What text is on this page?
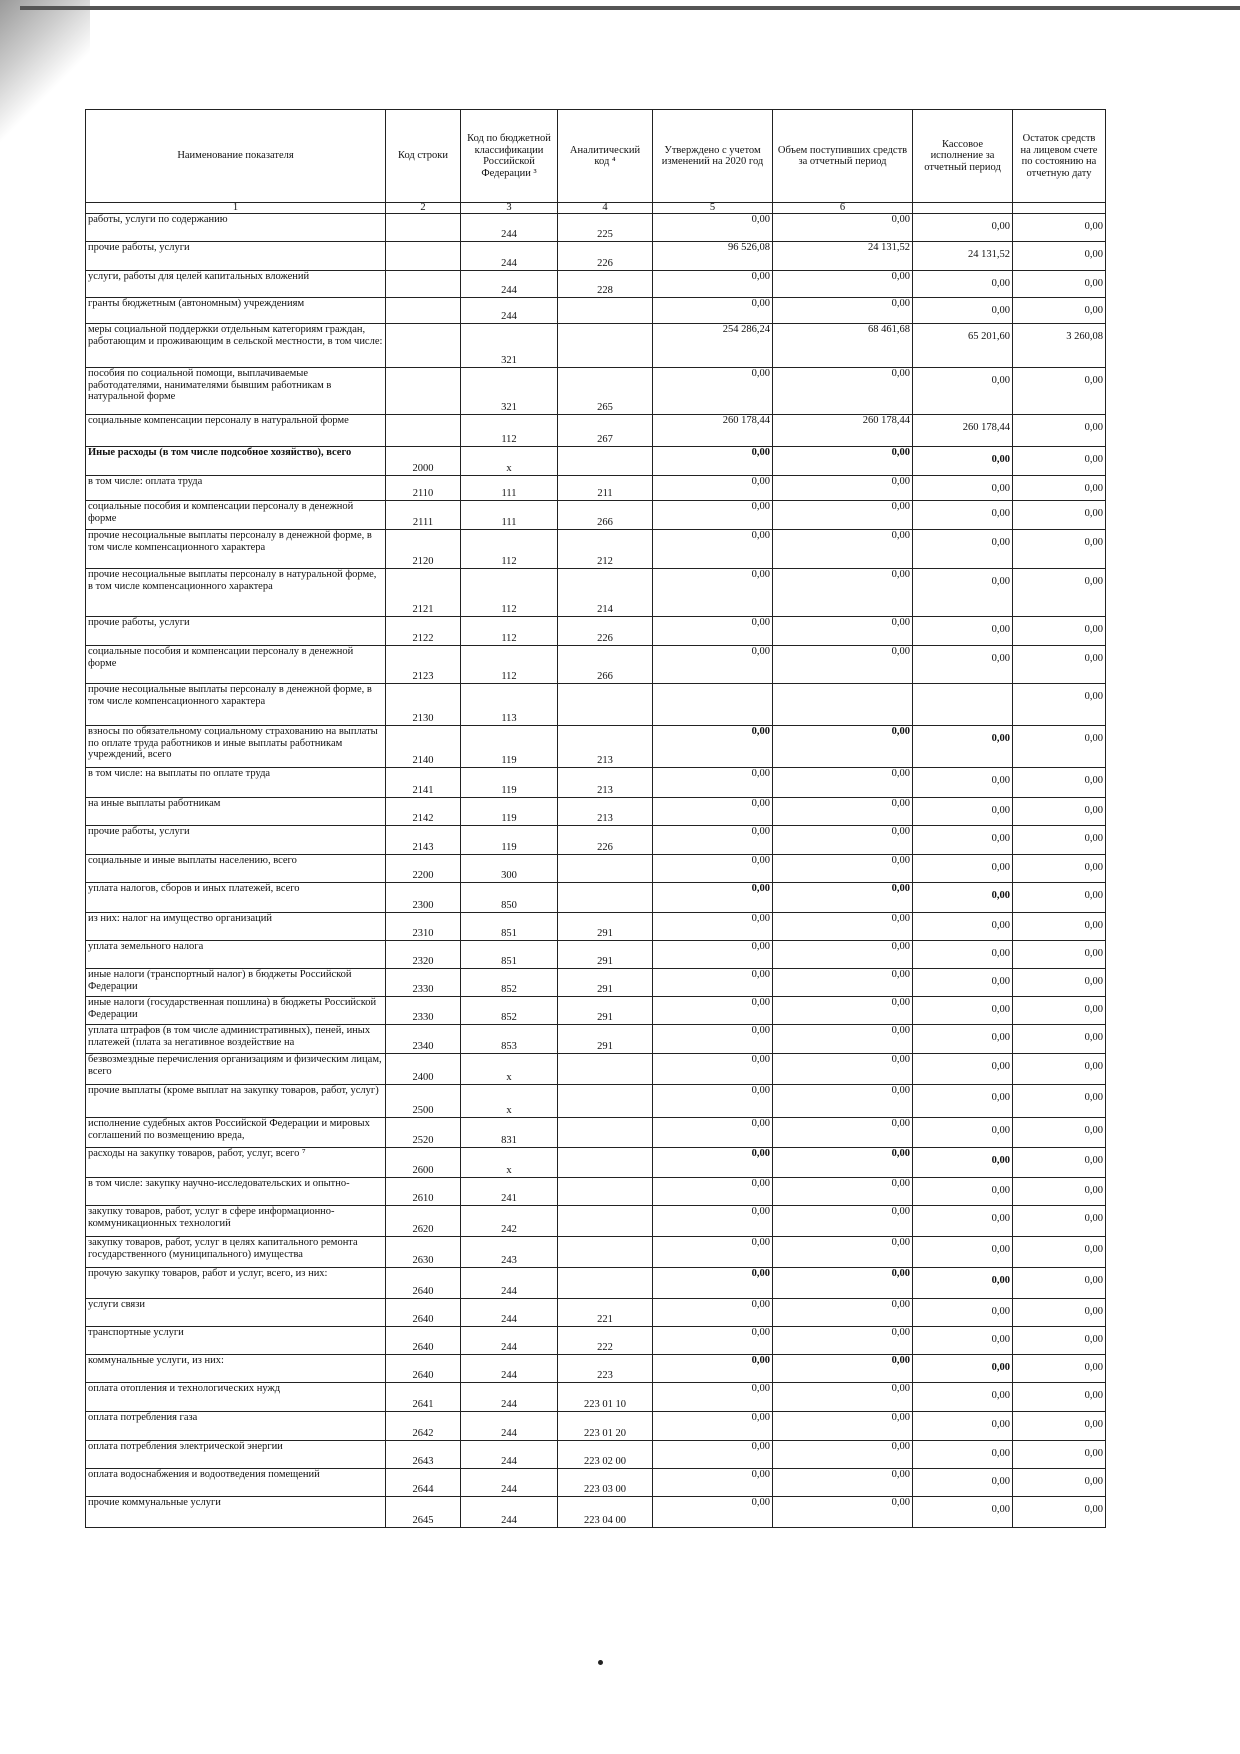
Наименование показателя	Код строки	Код по бюджетной классификации Российской Федерации ³	Аналитический код ⁴	Утверждено с учетом изменений на 2020 год	Объем поступивших средств за отчетный период	Кассовое исполнение за отчетный период	Остаток средств на лицевом счете по состоянию на отчетную дату
1	2	3	4	5	6		
работы, услуги по содержанию		244	225	0,00	0,00	0,00	0,00

прочие работы, услуги		244	226	96 526,08	24 131,52	24 131,52	0,00

услуги, работы для целей капитальных вложений		244	228	0,00	0,00	0,00	0,00

гранты бюджетным (автономным) учреждениям		244		0,00	0,00	0,00	0,00

меры социальной поддержки отдельным категориям граждан, работающим и проживающим в сельской местности, в том числе:		321		254 286,24	68 461,68	65 201,60	3 260,08

пособия по социальной помощи, выплачиваемые работодателями, нанимателями бывшим работникам в натуральной форме		321	265	0,00	0,00	0,00	0,00

социальные компенсации персоналу в натуральной форме		112	267	260 178,44	260 178,44	260 178,44	0,00

Иные расходы (в том числе подсобное хозяйство), всего	2000	х		0,00	0,00	0,00	0,00

в том числе: оплата труда	2110	111	211	0,00	0,00	0,00	0,00

социальные пособия и компенсации персоналу в денежной форме	2111	111	266	0,00	0,00	0,00	0,00

прочие несоциальные выплаты персоналу в денежной форме, в том числе компенсационного характера	2120	112	212	0,00	0,00	0,00	0,00

прочие несоциальные выплаты персоналу в натуральной форме, в том числе компенсационного характера	2121	112	214	0,00	0,00	0,00	0,00

прочие работы, услуги	2122	112	226	0,00	0,00	0,00	0,00

социальные пособия и компенсации персоналу в денежной форме	2123	112	266	0,00	0,00	0,00	0,00

прочие несоциальные выплаты персоналу в денежной форме, в том числе компенсационного характера	2130	113					0,00

взносы по обязательному социальному страхованию на выплаты по оплате труда работников и иные выплаты работникам учреждений, всего	2140	119	213	0,00	0,00	0,00	0,00

в том числе: на выплаты по оплате труда	2141	119	213	0,00	0,00	0,00	0,00

на иные выплаты работникам	2142	119	213	0,00	0,00	0,00	0,00

прочие работы, услуги	2143	119	226	0,00	0,00	0,00	0,00

социальные и иные выплаты населению, всего	2200	300		0,00	0,00	0,00	0,00

уплата налогов, сборов и иных платежей, всего	2300	850		0,00	0,00	0,00	0,00

из них: налог на имущество организаций	2310	851	291	0,00	0,00	0,00	0,00

уплата земельного налога	2320	851	291	0,00	0,00	0,00	0,00

иные налоги (транспортный налог) в бюджеты Российской Федерации	2330	852	291	0,00	0,00	0,00	0,00

иные налоги (государственная пошлина) в бюджеты Российской Федерации	2330	852	291	0,00	0,00	0,00	0,00

уплата штрафов (в том числе административных), пеней, иных платежей (плата за негативное воздействие на	2340	853	291	0,00	0,00	0,00	0,00

безвозмездные перечисления организациям и физическим лицам, всего	2400	х		0,00	0,00	0,00	0,00

прочие выплаты (кроме выплат на закупку товаров, работ, услуг)	2500	х		0,00	0,00	0,00	0,00

исполнение судебных актов Российской Федерации и мировых соглашений по возмещению вреда,	2520	831		0,00	0,00	0,00	0,00

расходы на закупку товаров, работ, услуг, всего ⁷	2600	х		0,00	0,00	0,00	0,00

в том числе: закупку научно-исследовательских и опытно-	2610	241		0,00	0,00	0,00	0,00

закупку товаров, работ, услуг в сфере информационно-коммуникационных технологий	2620	242		0,00	0,00	0,00	0,00

закупку товаров, работ, услуг в целях капитального ремонта государственного (муниципального) имущества	2630	243		0,00	0,00	0,00	0,00

прочую закупку товаров, работ и услуг, всего, из них:	2640	244		0,00	0,00	0,00	0,00

услуги связи	2640	244	221	0,00	0,00	0,00	0,00

транспортные услуги	2640	244	222	0,00	0,00	0,00	0,00

коммунальные услуги, из них:	2640	244	223	0,00	0,00	0,00	0,00

оплата отопления и технологических нужд	2641	244	223 01 10	0,00	0,00	0,00	0,00

оплата потребления газа	2642	244	223 01 20	0,00	0,00	0,00	0,00

оплата потребления электрической энергии	2643	244	223 02 00	0,00	0,00	0,00	0,00

оплата водоснабжения и водоотведения помещений	2644	244	223 03 00	0,00	0,00	0,00	0,00

прочие коммунальные услуги	2645	244	223 04 00	0,00	0,00	0,00	0,00
